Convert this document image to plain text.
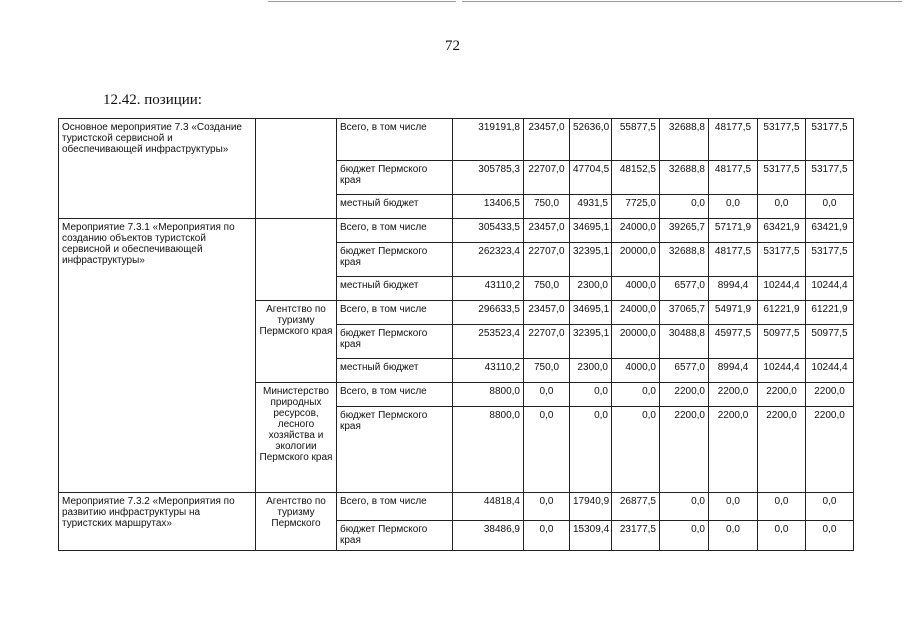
72
12.42. позиции:
Основное мероприятие 7.3 «Создание туристской сервисной и обеспечивающей инфраструктуры»		Всего, в том числе	319191,8	23457,0	52636,0	55877,5	32688,8	48177,5	53177,5	53177,5
		бюджет Пермского края	305785,3	22707,0	47704,5	48152,5	32688,8	48177,5	53177,5	53177,5
		местный бюджет	13406,5	750,0	4931,5	7725,0	0,0	0,0	0,0	0,0
Мероприятие 7.3.1 «Мероприятия по созданию объектов туристской сервисной и обеспечивающей инфраструктуры»		Всего, в том числе	305433,5	23457,0	34695,1	24000,0	39265,7	57171,9	63421,9	63421,9
		бюджет Пермского края	262323,4	22707,0	32395,1	20000,0	32688,8	48177,5	53177,5	53177,5
		местный бюджет	43110,2	750,0	2300,0	4000,0	6577,0	8994,4	10244,4	10244,4
	Агентство по туризму Пермского края	Всего, в том числе	296633,5	23457,0	34695,1	24000,0	37065,7	54971,9	61221,9	61221,9
		бюджет Пермского края	253523,4	22707,0	32395,1	20000,0	30488,8	45977,5	50977,5	50977,5
		местный бюджет	43110,2	750,0	2300,0	4000,0	6577,0	8994,4	10244,4	10244,4
	Министерство природных ресурсов, лесного хозяйства и экологии Пермского края	Всего, в том числе	8800,0	0,0	0,0	0,0	2200,0	2200,0	2200,0	2200,0
		бюджет Пермского края	8800,0	0,0	0,0	0,0	2200,0	2200,0	2200,0	2200,0
Мероприятие 7.3.2 «Мероприятия по развитию инфраструктуры на туристских маршрутах»	Агентство по туризму Пермского	Всего, в том числе	44818,4	0,0	17940,9	26877,5	0,0	0,0	0,0	0,0
		бюджет Пермского края	38486,9	0,0	15309,4	23177,5	0,0	0,0	0,0	0,0
